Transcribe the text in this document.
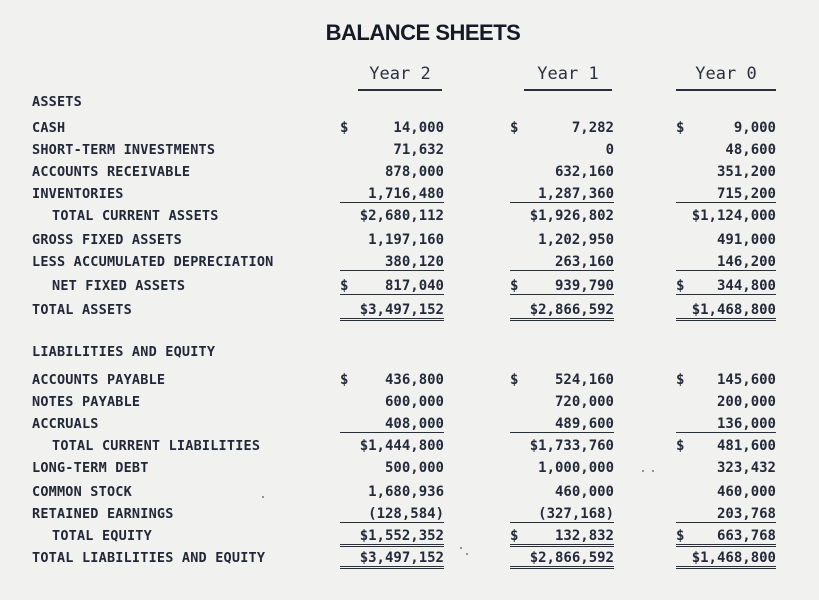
BALANCE SHEETS
Year 2	Year 1	Year 0
ASSETS
CASH	$	14,000	$	7,282	$	9,000
SHORT-TERM INVESTMENTS	71,632	0	48,600
ACCOUNTS RECEIVABLE	878,000	632,160	351,200
INVENTORIES	1,716,480	1,287,360	715,200
TOTAL CURRENT ASSETS	$2,680,112	$1,926,802	$1,124,000
GROSS FIXED ASSETS	1,197,160	1,202,950	491,000
LESS ACCUMULATED DEPRECIATION	380,120	263,160	146,200
NET FIXED ASSETS	$	817,040	$	939,790	$ 344,800
TOTAL ASSETS	$3,497,152	$2,866,592	$1,468,800
LIABILITIES AND EQUITY
ACCOUNTS PAYABLE	$	436,800	$	524,160	$ 145,600
NOTES PAYABLE	600,000	720,000	200,000
ACCRUALS	408,000	489,600	136,000
TOTAL CURRENT LIABILITIES	$1,444,800	$1,733,760	$ 481,600
LONG-TERM DEBT	500,000	1,000,000	323,432
COMMON STOCK	1,680,936	460,000	460,000
RETAINED EARNINGS	(128,584)	(327,168)	203,768
TOTAL EQUITY	$1,552,352	$	132,832	$ 663,768
TOTAL LIABILITIES AND EQUITY	$3,497,152	$2,866,592	$1,468,800
